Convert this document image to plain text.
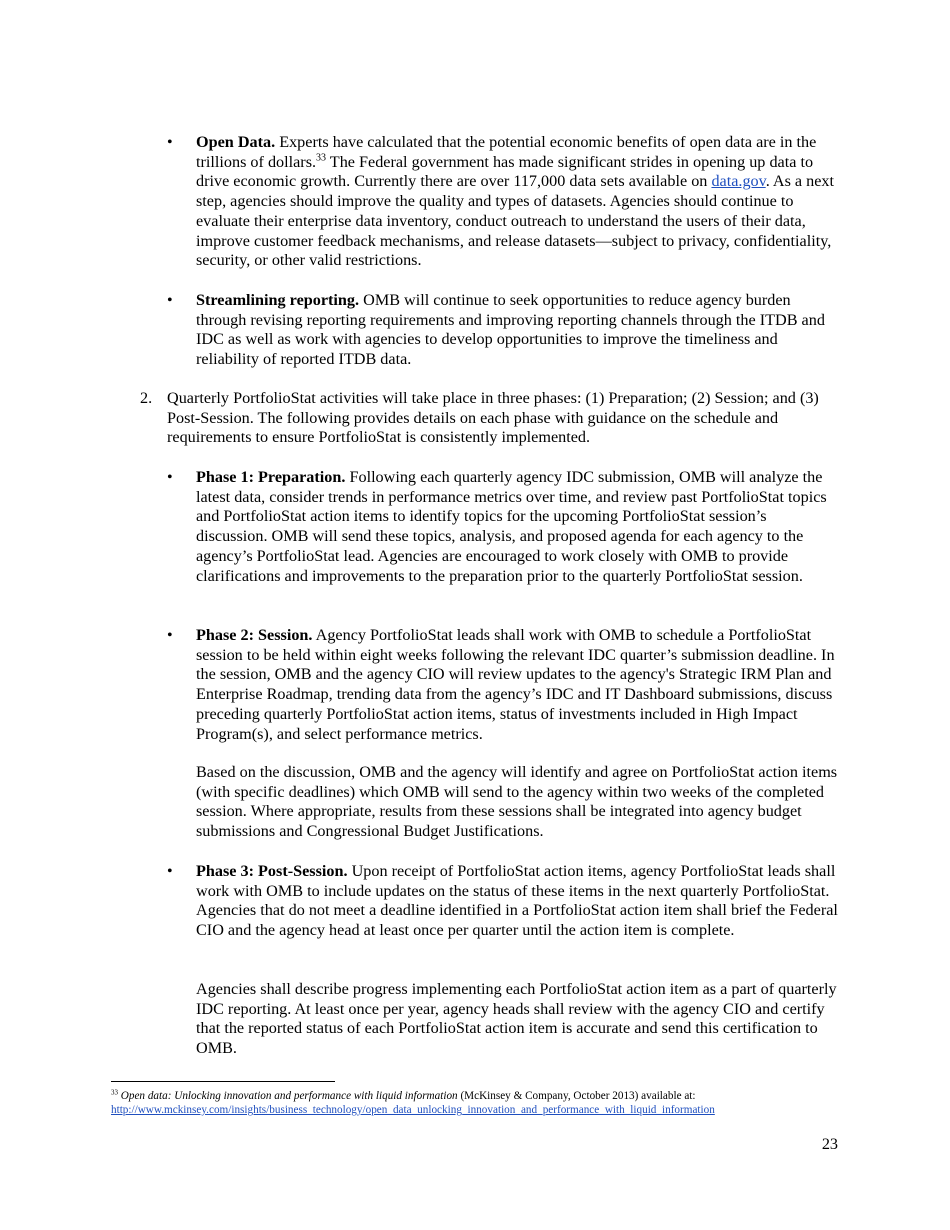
• Open Data. Experts have calculated that the potential economic benefits of open data are in the trillions of dollars.$^{33}$ The Federal government has made significant strides in opening up data to drive economic growth. Currently there are over 117,000 data sets available on data.gov. As a next step, agencies should improve the quality and types of datasets. Agencies should continue to evaluate their enterprise data inventory, conduct outreach to understand the users of their data, improve customer feedback mechanisms, and release datasets—subject to privacy, confidentiality, security, or other valid restrictions.
• Streamlining reporting. OMB will continue to seek opportunities to reduce agency burden through revising reporting requirements and improving reporting channels through the ITDB and IDC as well as work with agencies to develop opportunities to improve the timeliness and reliability of reported ITDB data.
2. Quarterly PortfolioStat activities will take place in three phases: (1) Preparation; (2) Session; and (3) Post-Session. The following provides details on each phase with guidance on the schedule and requirements to ensure PortfolioStat is consistently implemented.
• Phase 1: Preparation. Following each quarterly agency IDC submission, OMB will analyze the latest data, consider trends in performance metrics over time, and review past PortfolioStat topics and PortfolioStat action items to identify topics for the upcoming PortfolioStat session’s discussion. OMB will send these topics, analysis, and proposed agenda for each agency to the agency’s PortfolioStat lead. Agencies are encouraged to work closely with OMB to provide clarifications and improvements to the preparation prior to the quarterly PortfolioStat session.
• Phase 2: Session. Agency PortfolioStat leads shall work with OMB to schedule a PortfolioStat session to be held within eight weeks following the relevant IDC quarter’s submission deadline. In the session, OMB and the agency CIO will review updates to the agency's Strategic IRM Plan and Enterprise Roadmap, trending data from the agency’s IDC and IT Dashboard submissions, discuss preceding quarterly PortfolioStat action items, status of investments included in High Impact Program(s), and select performance metrics.
Based on the discussion, OMB and the agency will identify and agree on PortfolioStat action items (with specific deadlines) which OMB will send to the agency within two weeks of the completed session. Where appropriate, results from these sessions shall be integrated into agency budget submissions and Congressional Budget Justifications.
• Phase 3: Post-Session. Upon receipt of PortfolioStat action items, agency PortfolioStat leads shall work with OMB to include updates on the status of these items in the next quarterly PortfolioStat. Agencies that do not meet a deadline identified in a PortfolioStat action item shall brief the Federal CIO and the agency head at least once per quarter until the action item is complete.
Agencies shall describe progress implementing each PortfolioStat action item as a part of quarterly IDC reporting. At least once per year, agency heads shall review with the agency CIO and certify that the reported status of each PortfolioStat action item is accurate and send this certification to OMB.
$^{33}$ Open data: Unlocking innovation and performance with liquid information (McKinsey & Company, October 2013) available at:
http://www.mckinsey.com/insights/business_technology/open_data_unlocking_innovation_and_performance_with_liquid_information
23
